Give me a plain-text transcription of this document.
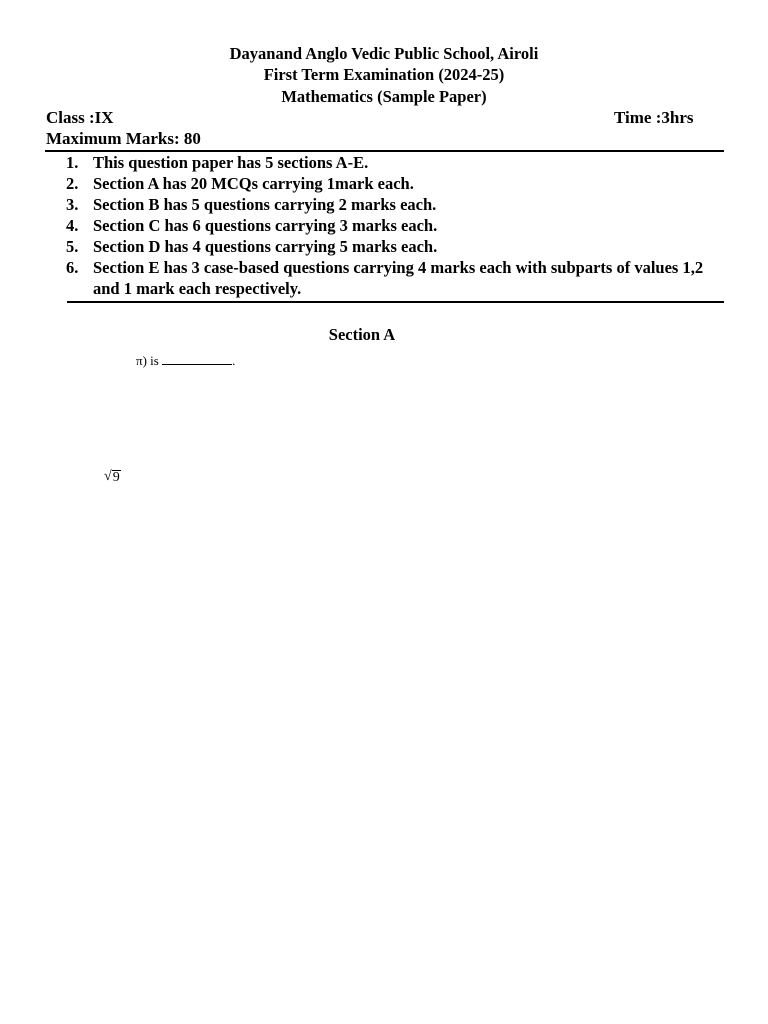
Dayanand Anglo Vedic Public School, Airoli
First Term Examination (2024-25)
Mathematics (Sample Paper)
Class :IX	Time :3hrs
Maximum Marks: 80
1. This question paper has 5 sections A-E.
2. Section A has 20 MCQs carrying 1mark each.
3. Section B has 5 questions carrying 2 marks each.
4. Section C has 6 questions carrying 3 marks each.
5. Section D has 4 questions carrying 5 marks each.
6. Section E has 3 case-based questions carrying 4 marks each with subparts of values 1,2 and 1 mark each respectively.
Section A
π) is	.
√ 9
